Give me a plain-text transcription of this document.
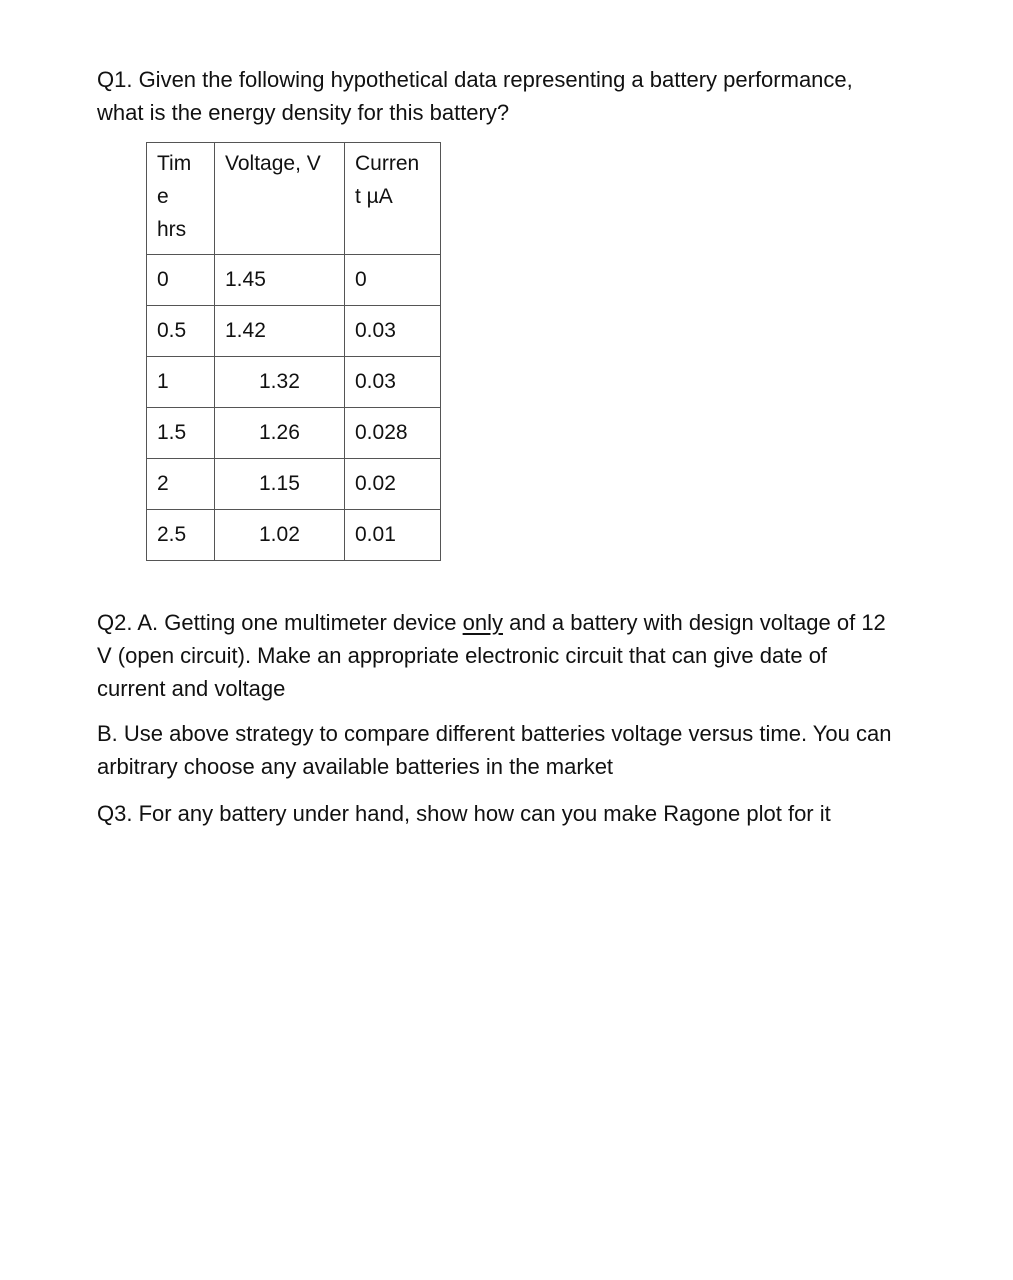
Q1. Given the following hypothetical data representing a battery performance,
what is the energy density for this battery?

Tim
e
hrs	Voltage, V	Curren
t µA
0	1.45	0
0.5	1.42	0.03
1	1.32	0.03
1.5	1.26	0.028
2	1.15	0.02
2.5	1.02	0.01

Q2. A. Getting one multimeter device only and a battery with design voltage of 12
V (open circuit). Make an appropriate electronic circuit that can give date of
current and voltage

B. Use above strategy to compare different batteries voltage versus time. You can
arbitrary choose any available batteries in the market

Q3. For any battery under hand, show how can you make Ragone plot for it
